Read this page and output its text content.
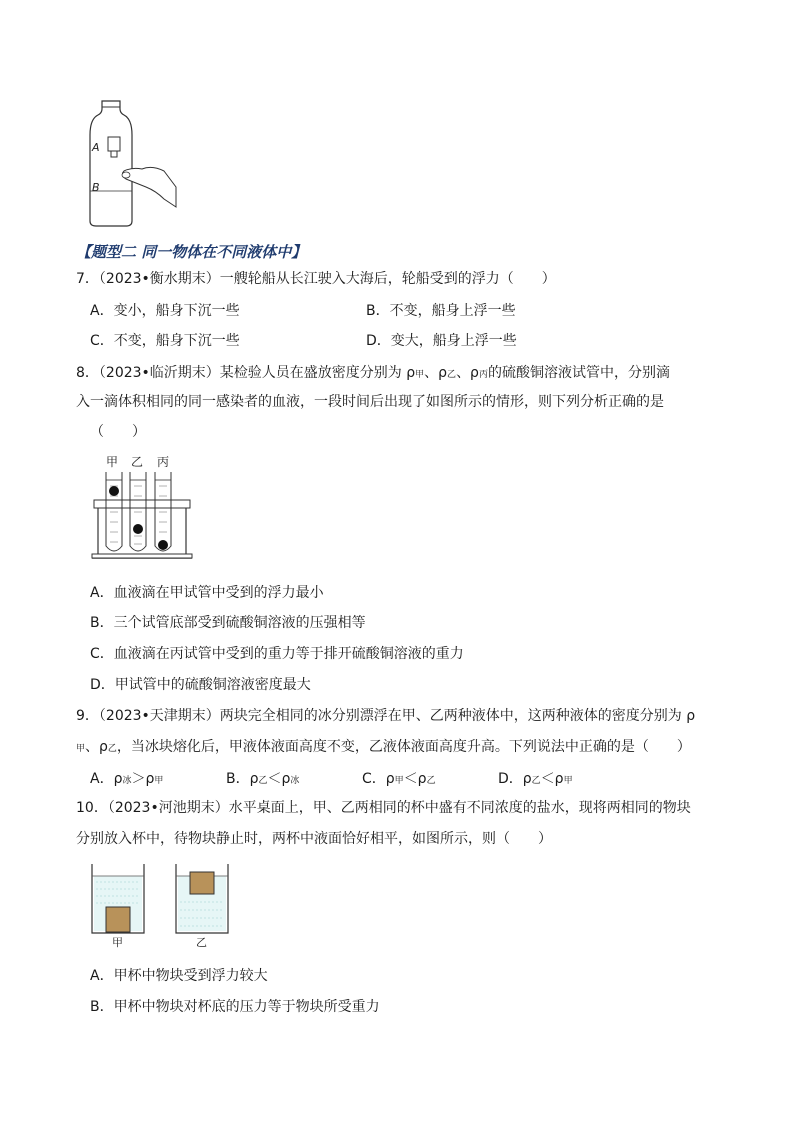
A
B
【题型二 同一物体在不同液体中】
7．（2023•衡水期末）一艘轮船从长江驶入大海后，轮船受到的浮力（　　）
A．变小，船身下沉一些	B．不变，船身上浮一些
C．不变，船身下沉一些	D．变大，船身上浮一些
8．（2023•临沂期末）某检验人员在盛放密度分别为 ρ甲、ρ乙、ρ丙的硫酸铜溶液试管中，分别滴
入一滴体积相同的同一感染者的血液，一段时间后出现了如图所示的情形，则下列分析正确的是
（　　）
甲 乙 丙
A．血液滴在甲试管中受到的浮力最小
B．三个试管底部受到硫酸铜溶液的压强相等
C．血液滴在丙试管中受到的重力等于排开硫酸铜溶液的重力
D．甲试管中的硫酸铜溶液密度最大
9．（2023•天津期末）两块完全相同的冰分别漂浮在甲、乙两种液体中，这两种液体的密度分别为 ρ
甲、ρ乙，当冰块熔化后，甲液体液面高度不变，乙液体液面高度升高。下列说法中正确的是（　　）
A．ρ冰＞ρ甲	B．ρ乙＜ρ冰	C．ρ甲＜ρ乙	D．ρ乙＜ρ甲
10．（2023•河池期末）水平桌面上，甲、乙两相同的杯中盛有不同浓度的盐水，现将两相同的物块
分别放入杯中，待物块静止时，两杯中液面恰好相平，如图所示，则（　　）
甲	乙
A．甲杯中物块受到浮力较大
B．甲杯中物块对杯底的压力等于物块所受重力
